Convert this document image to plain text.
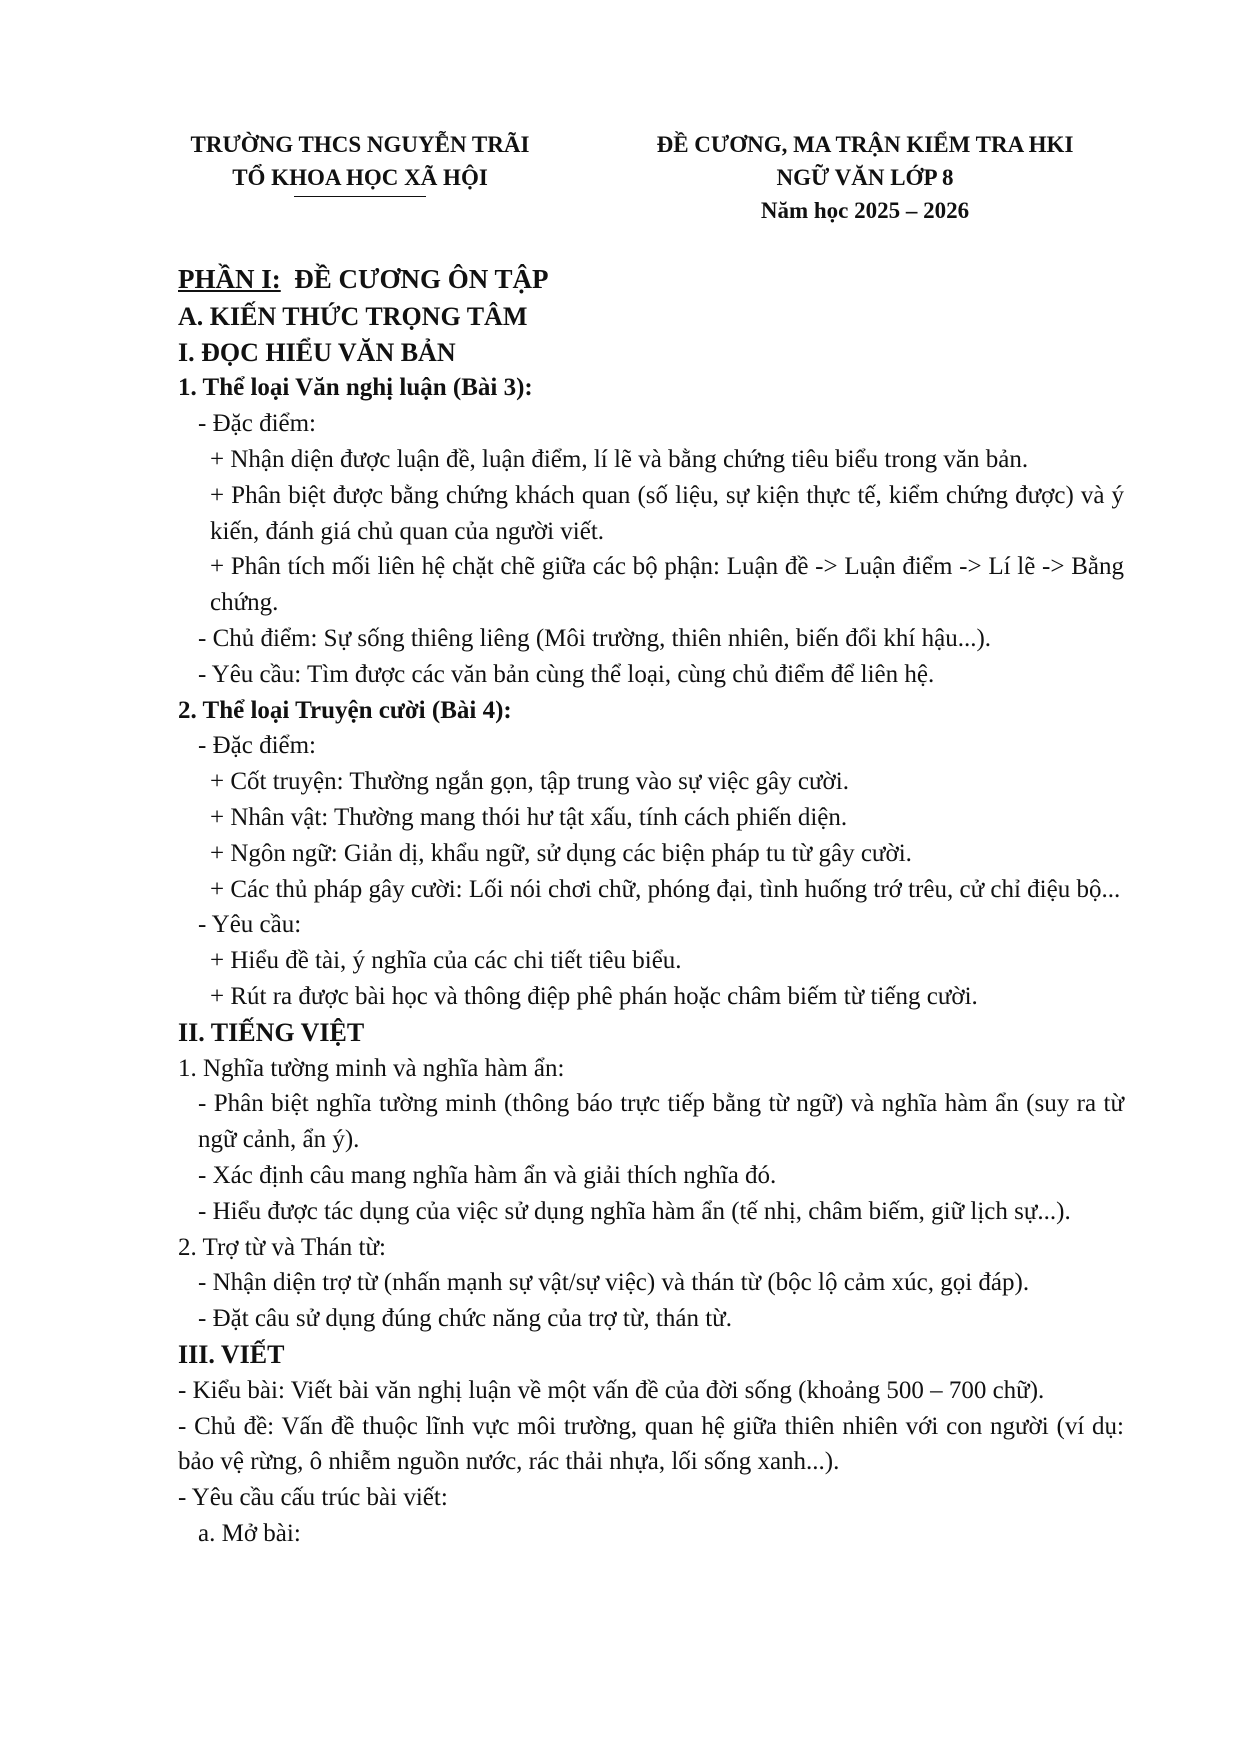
TRƯỜNG THCS NGUYỄN TRÃI
TỔ KHOA HỌC XÃ HỘI
ĐỀ CƯƠNG, MA TRẬN KIỂM TRA HKI
NGỮ VĂN LỚP 8
Năm học 2025 – 2026
PHẦN I: ĐỀ CƯƠNG ÔN TẬP
A. KIẾN THỨC TRỌNG TÂM
I. ĐỌC HIỂU VĂN BẢN
1. Thể loại Văn nghị luận (Bài 3):
- Đặc điểm:
+ Nhận diện được luận đề, luận điểm, lí lẽ và bằng chứng tiêu biểu trong văn bản.
+ Phân biệt được bằng chứng khách quan (số liệu, sự kiện thực tế, kiểm chứng được) và ý kiến, đánh giá chủ quan của người viết.
+ Phân tích mối liên hệ chặt chẽ giữa các bộ phận: Luận đề -> Luận điểm -> Lí lẽ -> Bằng chứng.
- Chủ điểm: Sự sống thiêng liêng (Môi trường, thiên nhiên, biến đổi khí hậu...).
- Yêu cầu: Tìm được các văn bản cùng thể loại, cùng chủ điểm để liên hệ.
2. Thể loại Truyện cười (Bài 4):
- Đặc điểm:
+ Cốt truyện: Thường ngắn gọn, tập trung vào sự việc gây cười.
+ Nhân vật: Thường mang thói hư tật xấu, tính cách phiến diện.
+ Ngôn ngữ: Giản dị, khẩu ngữ, sử dụng các biện pháp tu từ gây cười.
+ Các thủ pháp gây cười: Lối nói chơi chữ, phóng đại, tình huống trớ trêu, cử chỉ điệu bộ...
- Yêu cầu:
+ Hiểu đề tài, ý nghĩa của các chi tiết tiêu biểu.
+ Rút ra được bài học và thông điệp phê phán hoặc châm biếm từ tiếng cười.
II. TIẾNG VIỆT
1. Nghĩa tường minh và nghĩa hàm ẩn:
- Phân biệt nghĩa tường minh (thông báo trực tiếp bằng từ ngữ) và nghĩa hàm ẩn (suy ra từ ngữ cảnh, ẩn ý).
- Xác định câu mang nghĩa hàm ẩn và giải thích nghĩa đó.
- Hiểu được tác dụng của việc sử dụng nghĩa hàm ẩn (tế nhị, châm biếm, giữ lịch sự...).
2. Trợ từ và Thán từ:
- Nhận diện trợ từ (nhấn mạnh sự vật/sự việc) và thán từ (bộc lộ cảm xúc, gọi đáp).
- Đặt câu sử dụng đúng chức năng của trợ từ, thán từ.
III. VIẾT
- Kiểu bài: Viết bài văn nghị luận về một vấn đề của đời sống (khoảng 500 – 700 chữ).
- Chủ đề: Vấn đề thuộc lĩnh vực môi trường, quan hệ giữa thiên nhiên với con người (ví dụ: bảo vệ rừng, ô nhiễm nguồn nước, rác thải nhựa, lối sống xanh...).
- Yêu cầu cấu trúc bài viết:
a. Mở bài:
